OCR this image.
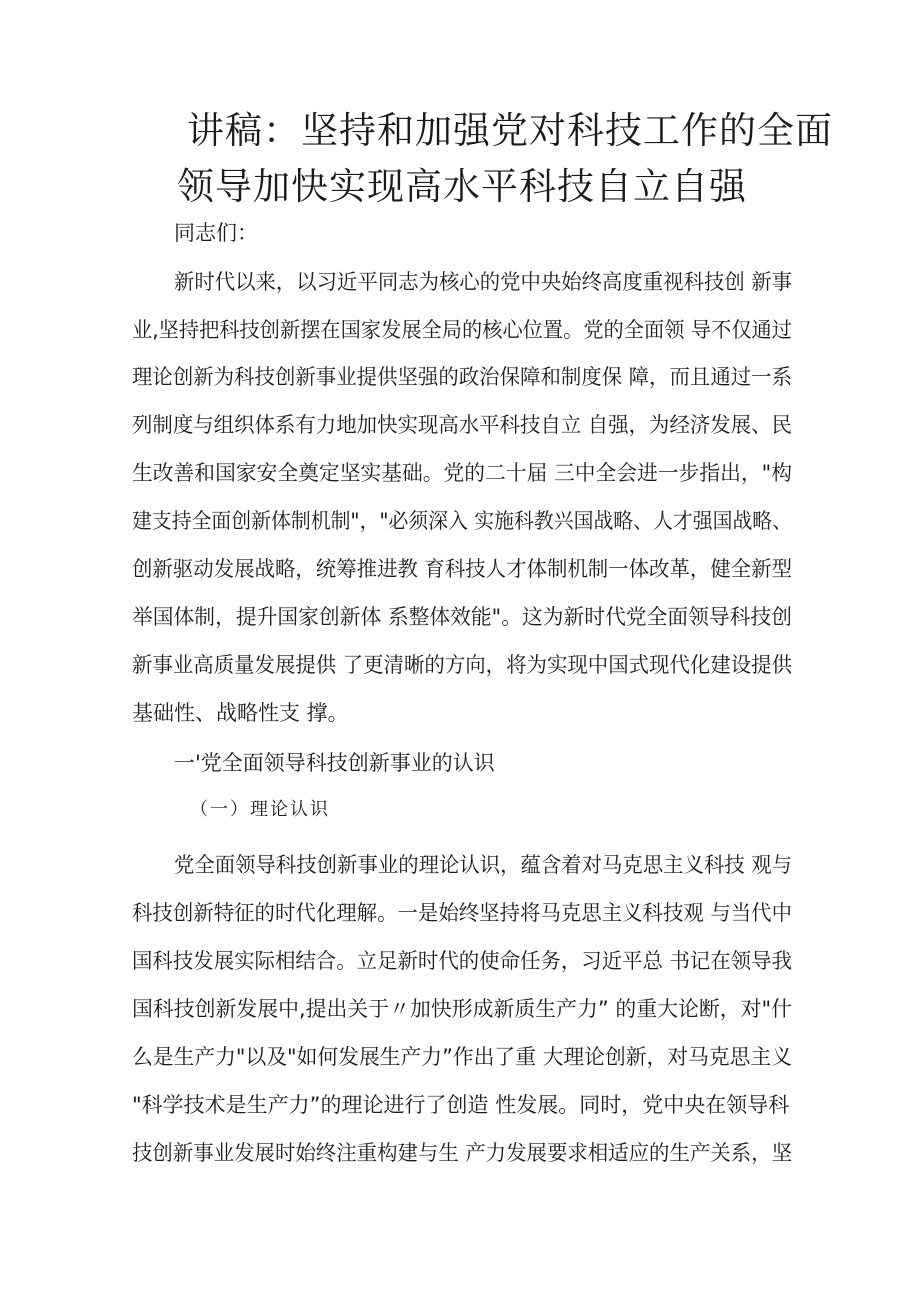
讲稿：坚持和加强党对科技工作的全面
领导加快实现高水平科技自立自强
同志们：
新时代以来，以习近平同志为核心的党中央始终高度重视科技创 新事
业,坚持把科技创新摆在国家发展全局的核心位置。党的全面领 导不仅通过
理论创新为科技创新事业提供坚强的政治保障和制度保 障，而且通过一系
列制度与组织体系有力地加快实现高水平科技自立 自强，为经济发展、民
生改善和国家安全奠定坚实基础。党的二十届 三中全会进一步指出，"构
建支持全面创新体制机制"，"必须深入 实施科教兴国战略、人才强国战略、
创新驱动发展战略，统筹推进教 育科技人才体制机制一体改革，健全新型
举国体制，提升国家创新体 系整体效能"。这为新时代党全面领导科技创
新事业高质量发展提供 了更清晰的方向，将为实现中国式现代化建设提供
基础性、战略性支 撑。
一'党全面领导科技创新事业的认识
（一）理论认识
党全面领导科技创新事业的理论认识，蕴含着对马克思主义科技 观与
科技创新特征的时代化理解。一是始终坚持将马克思主义科技观 与当代中
国科技发展实际相结合。立足新时代的使命任务，习近平总 书记在领导我
国科技创新发展中,提出关于〃加快形成新质生产力” 的重大论断，对"什
么是生产力"以及"如何发展生产力”作出了重 大理论创新，对马克思主义
"科学技术是生产力”的理论进行了创造 性发展。同时，党中央在领导科
技创新事业发展时始终注重构建与生 产力发展要求相适应的生产关系，坚
